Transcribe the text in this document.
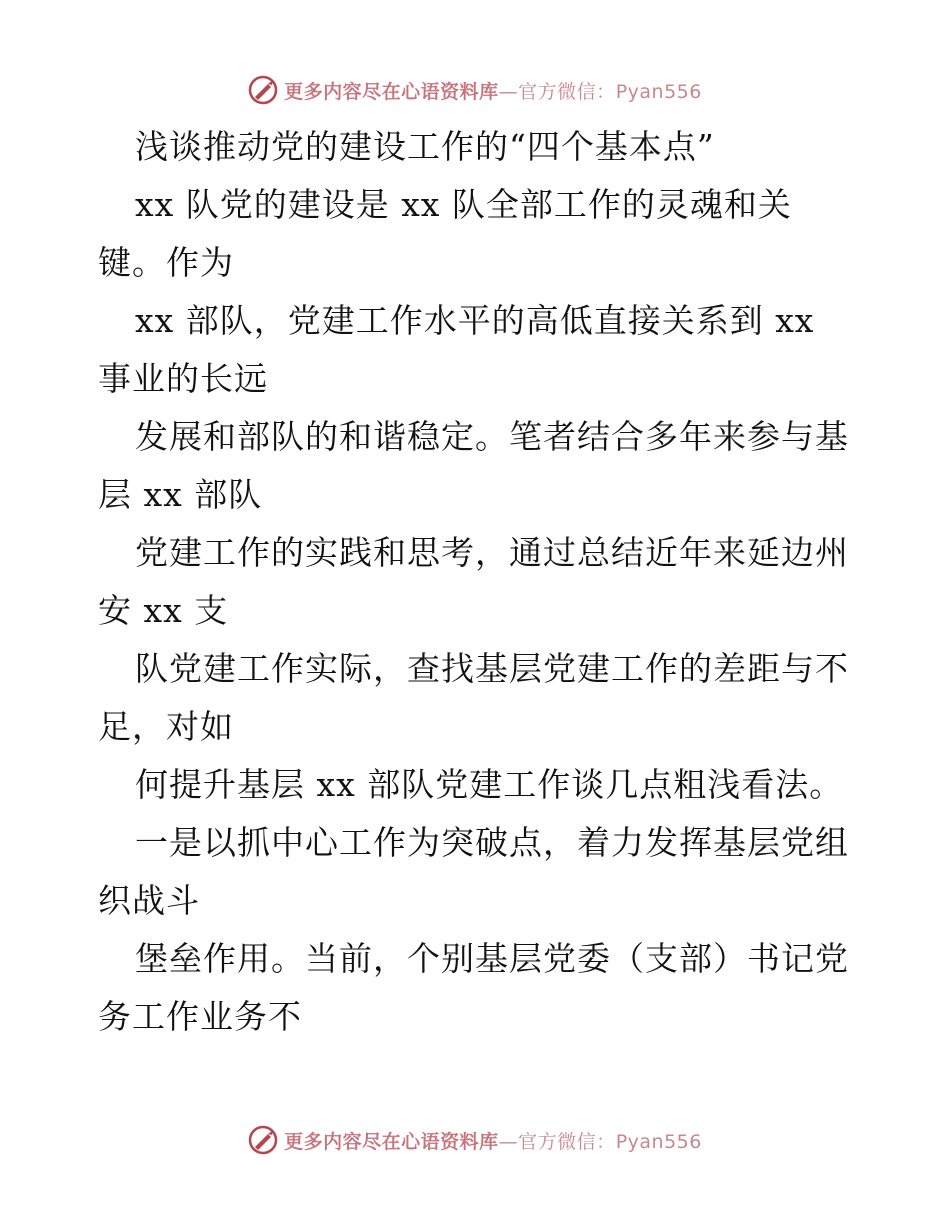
更多内容尽在心语资料库—官方微信：Pyan556

浅谈推动党的建设工作的“四个基本点”

xx 队党的建设是 xx 队全部工作的灵魂和关键。作为

xx 部队，党建工作水平的高低直接关系到 xx 事业的长远

发展和部队的和谐稳定。笔者结合多年来参与基层 xx 部队

党建工作的实践和思考，通过总结近年来延边州安 xx 支

队党建工作实际，查找基层党建工作的差距与不足，对如

何提升基层 xx 部队党建工作谈几点粗浅看法。

一是以抓中心工作为突破点，着力发挥基层党组织战斗

堡垒作用。当前，个别基层党委（支部）书记党务工作业务不

更多内容尽在心语资料库—官方微信：Pyan556
